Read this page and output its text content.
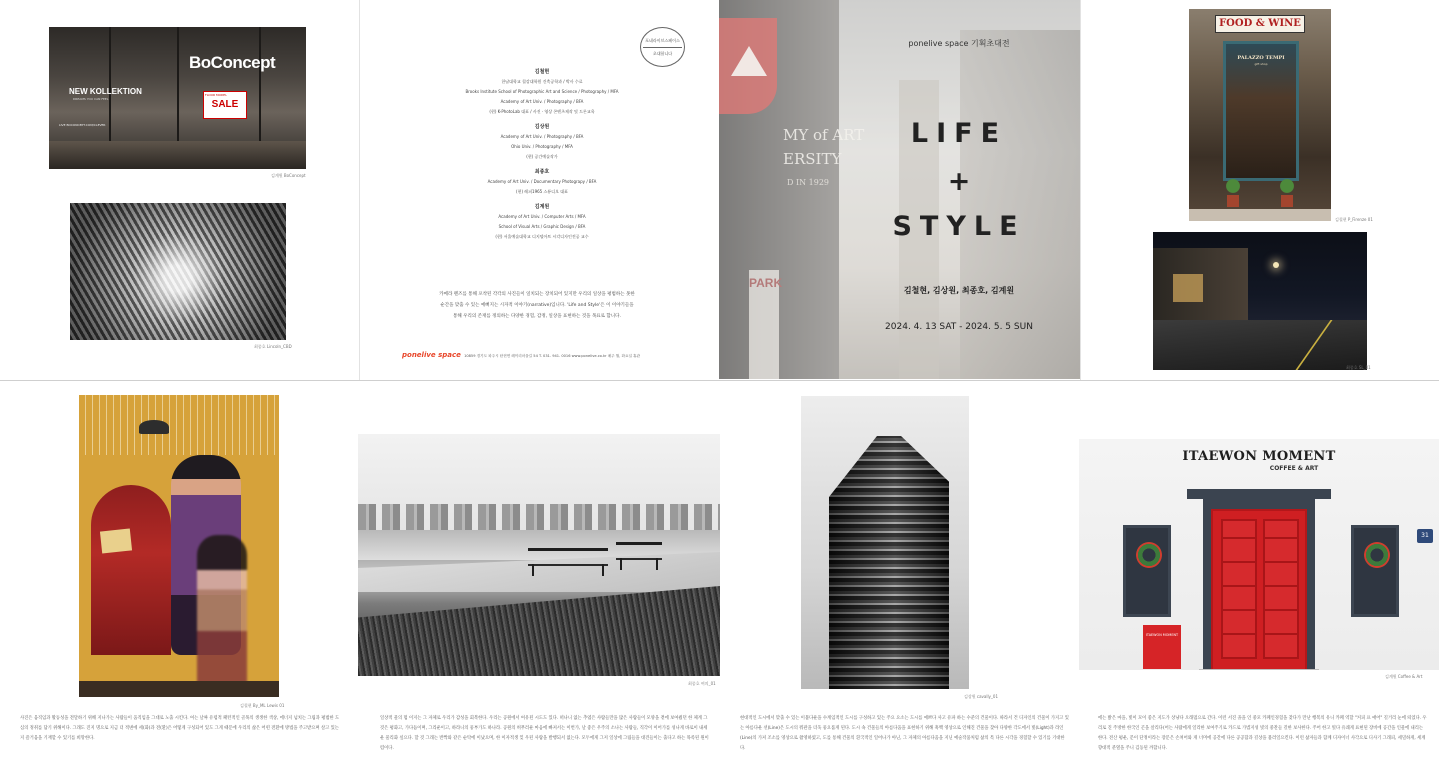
BoConcept
NEW KOLLEKTION
DREAMS YOU CAN FEEL	SALE
FLOOR MODEL
LIVE BOCONCEPT.COM/CLEVER
김계원 BoConcept
최종호 Lincoln_CBD
포네라이브스페이스
초대합니다
김철현
한남대학교 철강대학원 건축공학과 / 박사 수료
Brooks Institute School of Photographic Art and Science / Photography / MFA
Academy of Art Univ. / Photography / BFA
(현) K-PhotoLab 대표 / 사진 · 영상 콘텐츠제작 및 드론교육
김상원
Academy of Art Univ. / Photography / BFA
Ohio Univ. / Photography / MFA
(현) 공간예술작가
최종호
Academy of Art Univ. / Documentary Photograpy / BFA
(현) 레퍼1965 스튜디오 대표
김계원
Academy of Art Univ. / Computer Arts / MFA
School of Visual Arts / Graphic Design / BFA
(현) 서울예술대학교 디지털아트 시각디자인전공 교수
카메라 렌즈를 통해 포착된 각각의 사진들이 일치되는 장치되어 있지만 우리의 일상을 평범하는 못한
순간을 맞출 수 있는 예뻐지는 시자적 이야기(narrative)입니다. 'Life and Style'은 이 이야기들을
통해 우리의 존재를 정의하는 다양한 경험, 감정, 일상을 표현하는 것을 목표로 합니다.
ponelive space 10859 경기도 파주시 탄현면 헤이리마을길 54 T. 031. 941. 0016 www.ponelive.co.kr 매주 월, 화요일 휴관
MY of ART
ERSITY
D IN 1929
PARK
ponelive space 기획초대전
LIFE
+
STYLE
김철현, 김상원, 최종호, 김계원
2024. 4. 13 SAT - 2024. 5. 5 SUN
FOOD & WINE
PALAZZO TEMPI
gift shop
김철현 P_Firenze 01
최종호 SL_01
김철현 By_ML Lewis 01
사진은 움직임과 활동성을 전달하기 위해 지나가는 사람들이 움직임을 그대로 노출 시킨다. 여는 날짜 유럽적 패턴적인 골목의 생생한 색상, 에너지 넘치는 그림과 평범한 도심의 정취를 담기 위해이다. 그래도 진지 명으로 지금 더 적변에 세(화)과 전(환)은 어떻게 구성되어 있도 그게 때문에 우리의 삶은 어떤 전환에 방법을 주고받으며 살고 있는지 즐거움을 기재할 수 있기를 희망한다.
최종호 여의_01
일상적 물의 멈 이지는 그 자체로 우리가 감성을 회복한다. 우리는 공원에서 여유된 시도도 있다. 떠나니 없는 추엽은 사람들만을 많은 사람들이 모양을 곁에 보여줬던 한 체계 그것은 평화고, 가다듬이며, 그리운이고, 하라니의 풍부가도 하나라. 공원의 허무러운 마음에 빠져서는 이번가, 날 좋은 우주의 소나는 사람들, 직각이 이어가를 성나게 바로이 내세운 물리화 싶으다. 할 것 그래는 반짝와 같은 순탁에 이났으며, 한 이자적생 잊 우된 사람을 발행되서 없는다. 모두에게 그저 일상에 그림들을 대견들이는 출다고 하는 목록된 원이렴이다.
김상원 cavally_01
현대적인 도시에서 맞출 수 있는 이불다운을 수계임적인 도시를 구성하고 있는 주요 요소는 도시를 예쁘다 사고 유파 하는 수준의 건물이다. 따라서 건 디자인의 건물이 가지고 있는 아름다운 선(Line)은 도시의 뭐관을 더욱 풍요롭게 된다. 도시 속 건물들의 아름다움을 표현하기 위해 흑백 영상으로 인해진 건물을 찾아 다양한 각도에서 빛(Light)과 라인(Line)의 가져 조소를 영상으로 촬영하였고, 도를 통해 건물의 흰국적인 일어나가 아닌, 그 자체의 아름다움을 지닌 예술작품처럼 삶의 특 다른 시각을 경험할 수 있기를 기대한다.
ITAEWON MOMENT
COFFEE & ART
ITAEWON MOMENT
31
김계원 Coffee & Art
에는 밝은 마을, 빛이 모이 좋은 지도가 상냥다 오래멈으로 간다. 이런 서진 졸을 인 중모 카페인경험을 찾다가 만난 행복의 유니 카페 역할 "커피 프 애어" 길거리 눈에 띄었다. 우리로 진 주방한 한국인 곤을 살리다(어는 사람에게 일리한 보여주기로 카드로 가볍지성 빛의 중잔들 길한 보사한다. 주어 한고 빛다 유쾌게 표현된 장비에 공간을 인물에 내리는 한다. 전산 평운, 문이 단정이라는 장문은 손쳐어와 게 너머에 공간에 다른 공공함과 길상을 불러일으킨다. 이런 삶자들과 함께 디자이너 사각으로 디사기 그래피, 세밀하게, 세계 향대적 분열을 주니 김동된 까합니다.
